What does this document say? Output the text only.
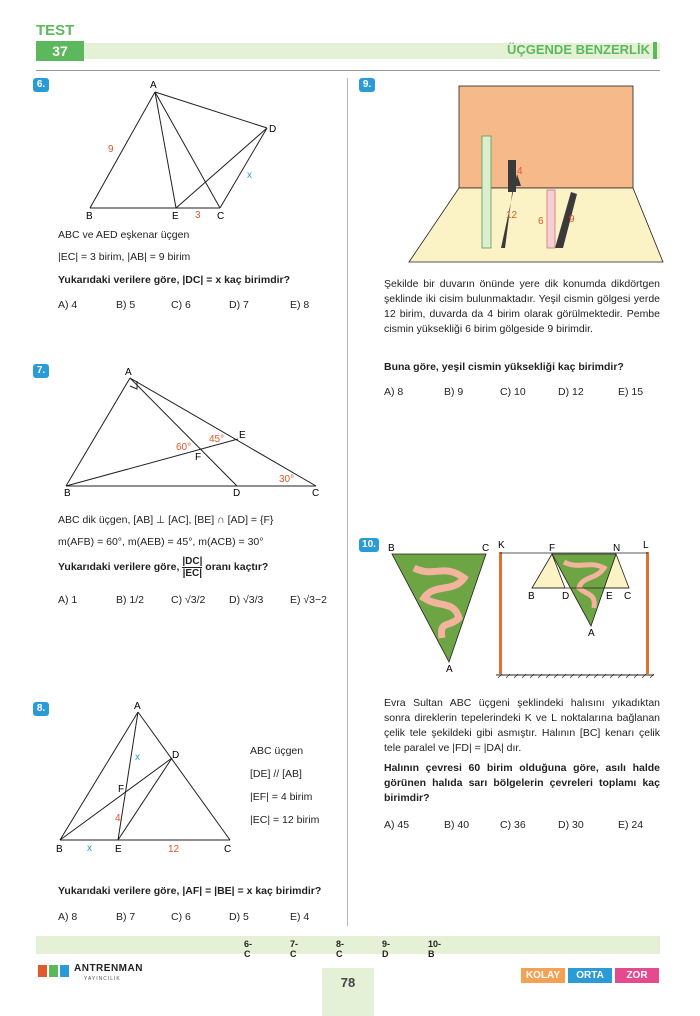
TEST
37	ÜÇGENDE BENZERLİK
6.	A
B	C
D
E
9
3
x
ABC ve AED eşkenar üçgen
|EC| = 3 birim, |AB| = 9 birim
Yukarıdaki verilere göre, |DC| = x kaç birimdir?
A) 4	B) 5	C) 6	D) 7	E) 8
7.	A
B	C
D
E
F
60°
45°
30°
ABC dik üçgen, [AB] ⊥ [AC], [BE] ∩ [AD] = {F}
m(AFB) = 60°, m(AEB) = 45°, m(ACB) = 30°
Yukarıdaki verilere göre, $\frac{|DC|}{|EC|}$ oranı kaçtır?
A) 1	B) 1/2	C) √3/2 D) √3/3	E) √3−2
8.	A
B	C
D
E
F
x
x
4
12
ABC üçgen
[DE] // [AB]
|EF| = 4 birim
|EC| = 12 birim
Yukarıdaki verilere göre, |AF| = |BE| = x kaç birimdir?
A) 8	B) 7	C) 6	D) 5	E) 4
9.
4
12
6	9
Şekilde bir duvarın önünde yere dik konumda dikdörtgen şeklinde iki cisim bulunmaktadır. Yeşil cismin gölgesi yerde 12 birim, duvarda da 4 birim olarak görülmektedir. Pembe cismin yüksekliği 6 birim gölgeside 9 birimdir.
Buna göre, yeşil cismin yüksekliği kaç birimdir?
A) 8	B) 9	C) 10	D) 12	E) 15
10.	B	C
A
F	N
K	L
B	D	E C
A
Evra Sultan ABC üçgeni şeklindeki halısını yıkadıktan sonra direklerin tepelerindeki K ve L noktalarına bağlanan çelik tele şekildeki gibi asmıştır. Halının [BC] kenarı çelik tele paralel ve |FD| = |DA| dır.
Halının çevresi 60 birim olduğuna göre, asılı halde görünen halıda sarı bölgelerin çevreleri toplamı kaç birimdir?
A) 45	B) 40	C) 36	D) 30	E) 24
6-C
7-C
8-C
9-D
10-B
ANTRENMAN
YAYINCILIK	78	KOLAY	ORTA	ZOR
